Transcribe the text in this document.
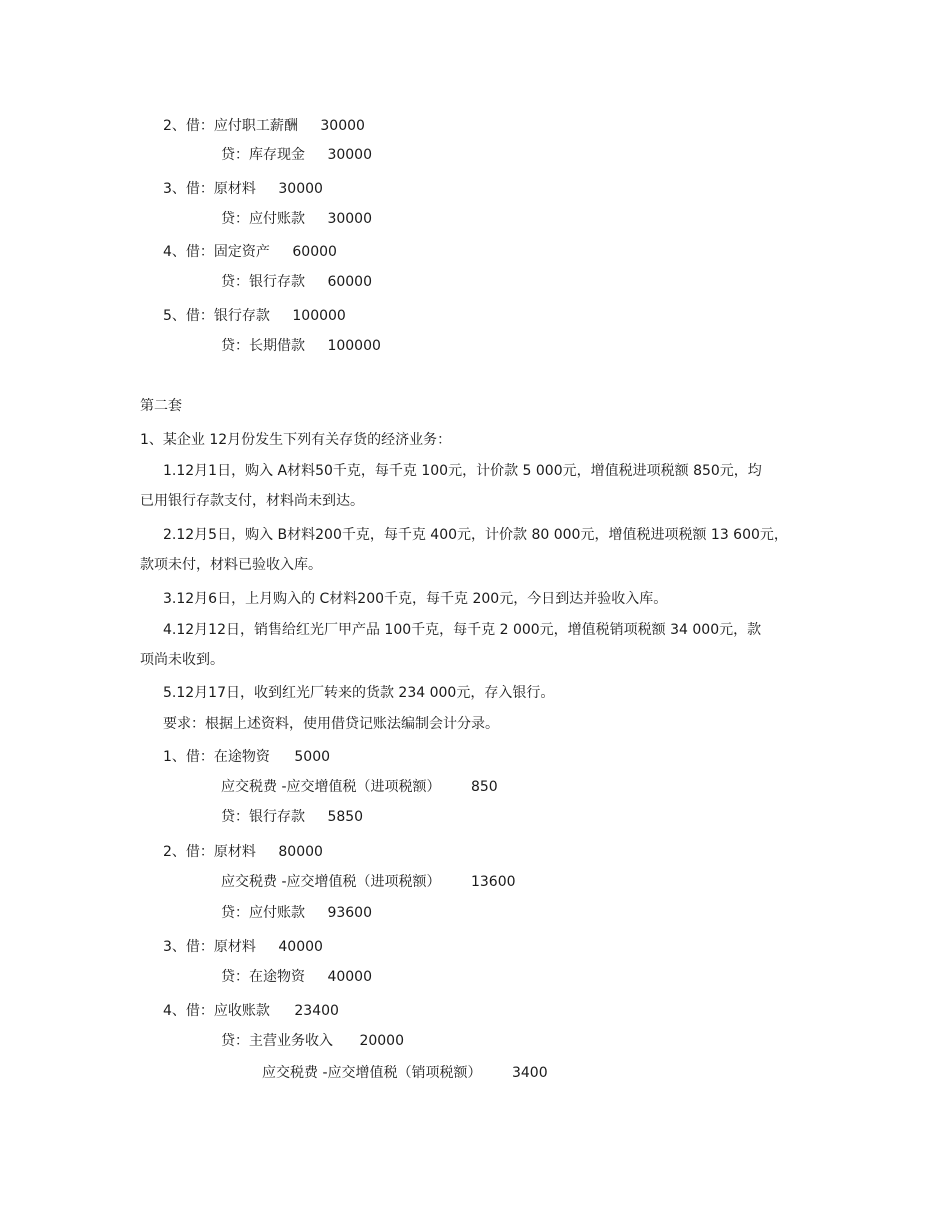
2、借：应付职工薪酬 30000
贷：库存现金 30000
3、借：原材料 30000
贷：应付账款 30000
4、借：固定资产 60000
贷：银行存款 60000
5、借：银行存款 100000
贷：长期借款 100000
第二套
1、某企业 12月份发生下列有关存货的经济业务：
1.12月1日，购入 A材料50千克，每千克 100元，计价款 5 000元，增值税进项税额 850元，均
已用银行存款支付，材料尚未到达。
2.12月5日，购入 B材料200千克，每千克 400元，计价款 80 000元，增值税进项税额 13 600元，
款项未付，材料已验收入库。
3.12月6日，上月购入的 C材料200千克，每千克 200元，今日到达并验收入库。
4.12月12日，销售给红光厂甲产品 100千克，每千克 2 000元，增值税销项税额 34 000元，款
项尚未收到。
5.12月17日，收到红光厂转来的货款 234 000元，存入银行。
要求：根据上述资料，使用借贷记账法编制会计分录。
1、借：在途物资 5000
应交税费 -应交增值税（进项税额） 850
贷：银行存款 5850
2、借：原材料 80000
应交税费 -应交增值税（进项税额） 13600
贷：应付账款 93600
3、借：原材料 40000
贷：在途物资 40000
4、借：应收账款 23400
贷：主营业务收入 20000
应交税费 -应交增值税（销项税额） 3400
